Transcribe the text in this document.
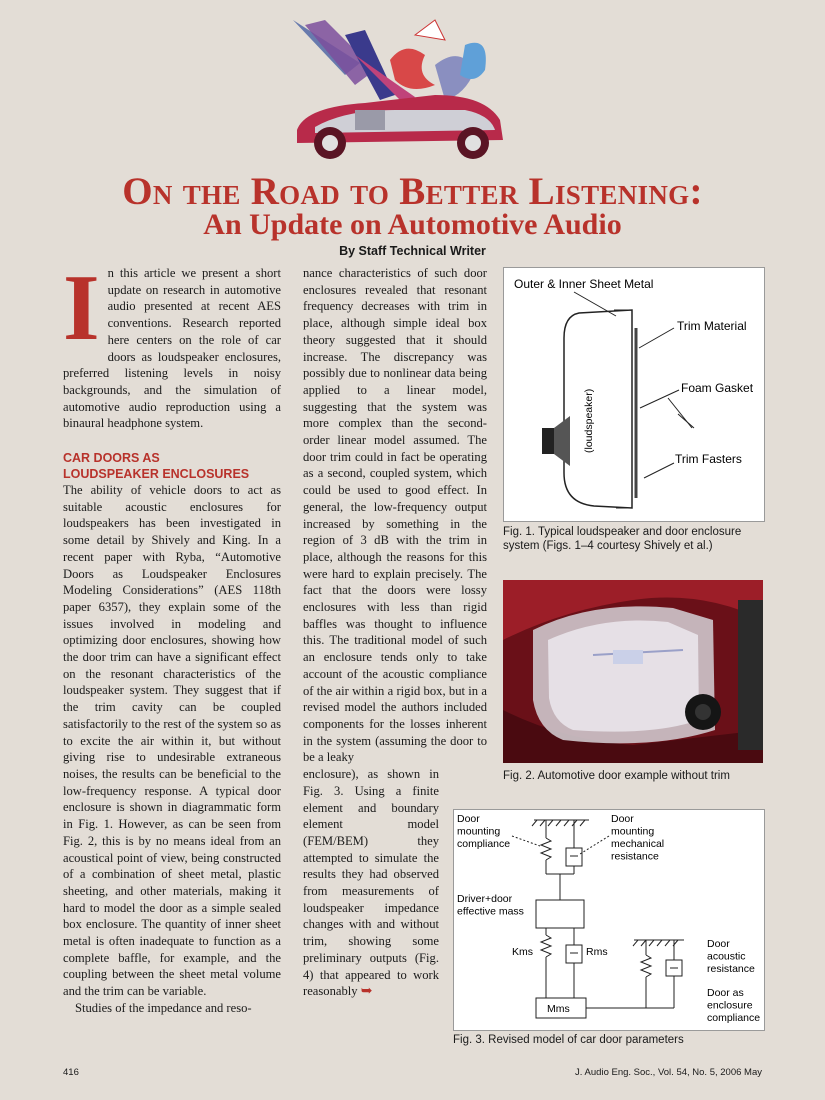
On the Road to Better Listening:
An Update on Automotive Audio
By Staff Technical Writer
I n this article we present a short update on research in automotive audio presented at recent AES conventions. Research reported here centers on the role of car doors as loudspeaker enclosures, preferred listening levels in noisy backgrounds, and the simulation of automotive audio reproduction using a binaural headphone system.

CAR DOORS AS
LOUDSPEAKER ENCLOSURES

The ability of vehicle doors to act as suitable acoustic enclosures for loudspeakers has been investigated in some detail by Shively and King. In a recent paper with Ryba, “Automotive Doors as Loudspeaker Enclosures Modeling Considerations” (AES 118th paper 6357), they explain some of the issues involved in modeling and optimizing door enclosures, showing how the door trim can have a significant effect on the resonant characteristics of the loudspeaker system. They suggest that if the trim cavity can be coupled satisfactorily to the rest of the system so as to excite the air within it, but without giving rise to undesirable extraneous noises, the results can be beneficial to the low-frequency response. A typical door enclosure is shown in diagrammatic form in Fig. 1. However, as can be seen from Fig. 2, this is by no means ideal from an acoustical point of view, being constructed of a combination of sheet metal, plastic sheeting, and other materials, making it hard to model the door as a simple sealed box enclosure. The quantity of inner sheet metal is often inadequate to function as a complete baffle, for example, and the coupling between the sheet metal volume and the trim can be variable.

Studies of the impedance and reso-

nance characteristics of such door enclosures revealed that resonant frequency decreases with trim in place, although simple ideal box theory suggested that it should increase. The discrepancy was possibly due to nonlinear data being applied to a linear model, suggesting that the system was more complex than the second-order linear model assumed. The door trim could in fact be operating as a second, coupled system, which could be used to good effect. In general, the low-frequency output increased by something in the region of 3 dB with the trim in place, although the reasons for this were hard to explain precisely. The fact that the doors were lossy enclosures with less than rigid baffles was thought to influence this. The traditional model of such an enclosure tends only to take account of the acoustic compliance of the air within a rigid box, but in a revised model the authors included components for the losses inherent in the system (assuming the door to be a leaky

enclosure), as shown in Fig. 3. Using a finite element and boundary element model (FEM/BEM) they attempted to simulate the results they had observed from measurements of loudspeaker impedance changes with and without trim, showing some preliminary outputs (Fig. 4) that appeared to work reasonably ➥

(loudspeaker)
Outer & Inner Sheet Metal
Trim Material
Foam Gasket
Trim Fasters
Fig. 1. Typical loudspeaker and door enclosure system (Figs. 1–4 courtesy Shively et al.)
Fig. 2. Automotive door example without trim
Door mounting compliance
Door mounting mechanical resistance
Driver+door effective mass
Kms	Rms
Mms
Door acoustic resistance
Door as enclosure compliance
Fig. 3. Revised model of car door parameters
416	J. Audio Eng. Soc., Vol. 54, No. 5, 2006 May
